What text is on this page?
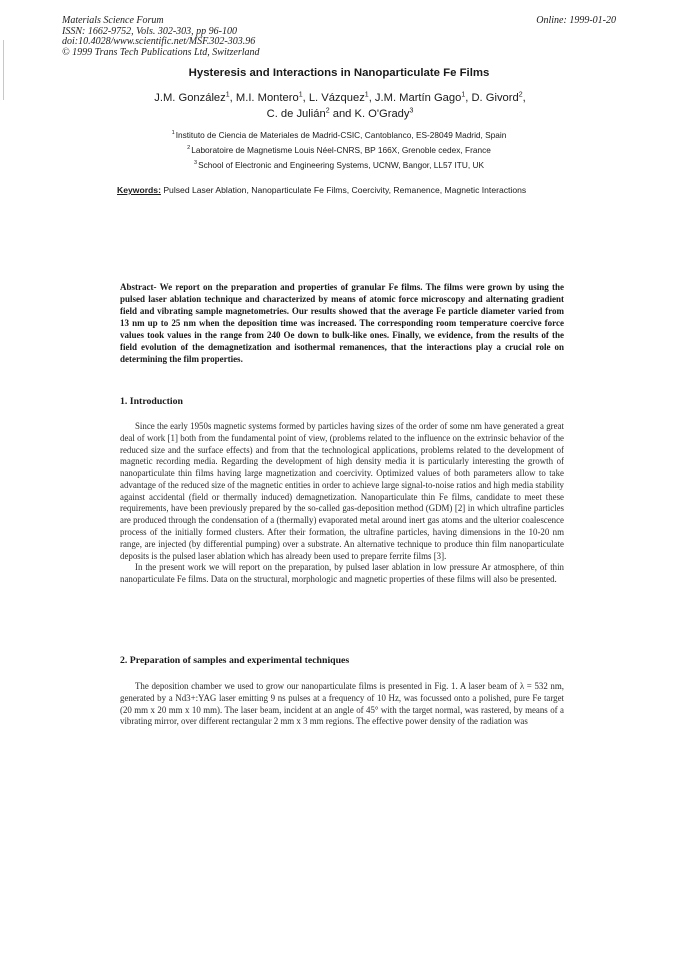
Materials Science Forum
ISSN: 1662-9752, Vols. 302-303, pp 96-100
doi:10.4028/www.scientific.net/MSF.302-303.96
© 1999 Trans Tech Publications Ltd, Switzerland
Online: 1999-01-20
Hysteresis and Interactions in Nanoparticulate Fe Films
J.M. González$^1$, M.I. Montero$^1$, L. Vázquez$^1$, J.M. Martín Gago$^1$, D. Givord$^2$,
C. de Julián$^2$ and K. O'Grady$^3$
$^1$Instituto de Ciencia de Materiales de Madrid-CSIC, Cantoblanco, ES-28049 Madrid, Spain
$^2$Laboratoire de Magnetisme Louis Néel-CNRS, BP 166X, Grenoble cedex, France
$^3$School of Electronic and Engineering Systems, UCNW, Bangor, LL57 ITU, UK
Keywords: Pulsed Laser Ablation, Nanoparticulate Fe Films, Coercivity, Remanence, Magnetic Interactions
Abstract- We report on the preparation and properties of granular Fe films. The films were grown by using the pulsed laser ablation technique and characterized by means of atomic force microscopy and alternating gradient field and vibrating sample magnetometries. Our results showed that the average Fe particle diameter varied from 13 nm up to 25 nm when the deposition time was increased. The corresponding room temperature coercive force values took values in the range from 240 Oe down to bulk-like ones. Finally, we evidence, from the results of the field evolution of the demagnetization and isothermal remanences, that the interactions play a crucial role on determining the film properties.
1. Introduction

Since the early 1950s magnetic systems formed by particles having sizes of the order of some nm have generated a great deal of work [1] both from the fundamental point of view, (problems related to the influence on the extrinsic behavior of the reduced size and the surface effects) and from that the technological applications, problems related to the development of magnetic recording media. Regarding the development of high density media it is particularly interesting the growth of nanoparticulate thin films having large magnetization and coercivity. Optimized values of both parameters allow to take advantage of the reduced size of the magnetic entities in order to achieve large signal-to-noise ratios and high media stability against accidental (field or thermally induced) demagnetization. Nanoparticulate thin Fe films, candidate to meet these requirements, have been previously prepared by the so-called gas-deposition method (GDM) [2] in which ultrafine particles are produced through the condensation of a (thermally) evaporated metal around inert gas atoms and the ulterior coalescence process of the initially formed clusters. After their formation, the ultrafine particles, having dimensions in the 10-20 nm range, are injected (by differential pumping) over a substrate. An alternative technique to produce thin film nanoparticulate deposits is the pulsed laser ablation which has already been used to prepare ferrite films [3].

In the present work we will report on the preparation, by pulsed laser ablation in low pressure Ar atmosphere, of thin nanoparticulate Fe films. Data on the structural, morphologic and magnetic properties of these films will also be presented.

2. Preparation of samples and experimental techniques

The deposition chamber we used to grow our nanoparticulate films is presented in Fig. 1. A laser beam of λ = 532 nm, generated by a Nd3+:YAG laser emitting 9 ns pulses at a frequency of 10 Hz, was focussed onto a polished, pure Fe target (20 mm x 20 mm x 10 mm). The laser beam, incident at an angle of 45° with the target normal, was rastered, by means of a vibrating mirror, over different rectangular 2 mm x 3 mm regions. The effective power density of the radiation was
